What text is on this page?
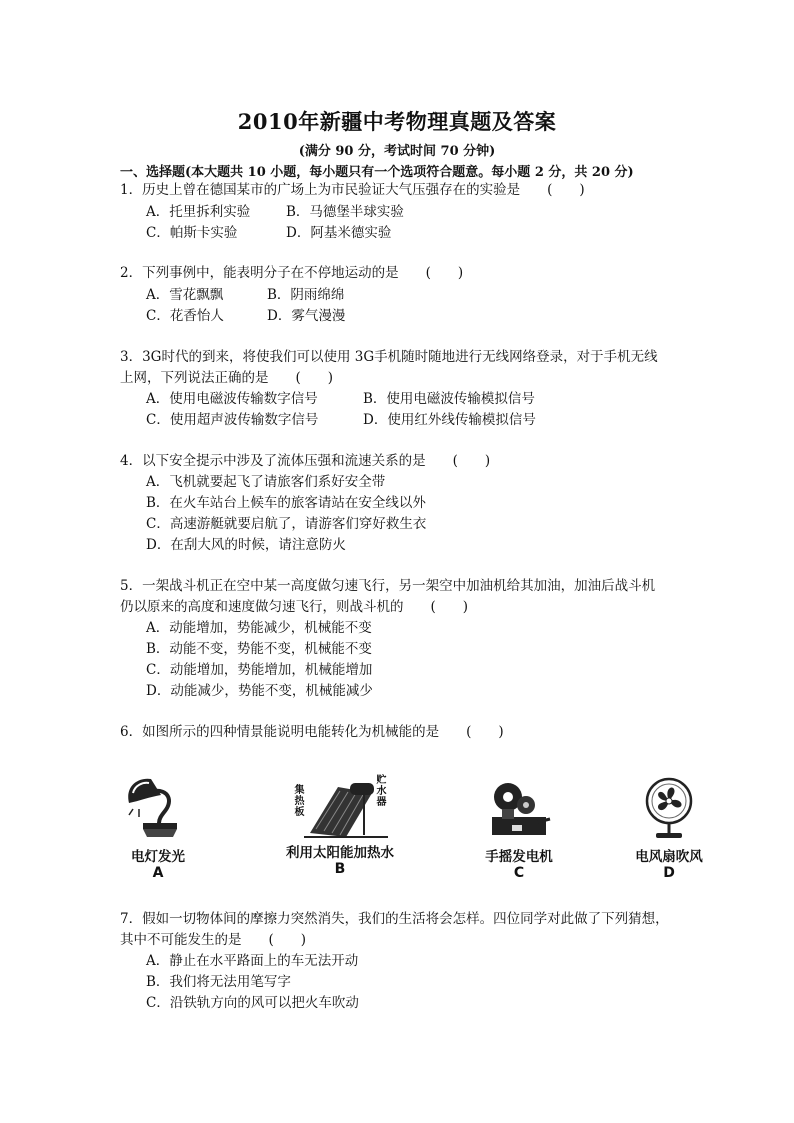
2010年新疆中考物理真题及答案
(满分 90 分，考试时间 70 分钟)
一、选择题(本大题共 10 小题，每小题只有一个选项符合题意。每小题 2 分，共 20 分)
1．历史上曾在德国某市的广场上为市民验证大气压强存在的实验是　　(　　)
A．托里拆利实验	B．马德堡半球实验
C．帕斯卡实验	D．阿基米德实验
2．下列事例中，能表明分子在不停地运动的是　　(　　)
A．雪花飘飘	B．阴雨绵绵
C．花香怡人	D．雾气漫漫
3．3G时代的到来，将使我们可以使用 3G手机随时随地进行无线网络登录，对于手机无线
上网，下列说法正确的是　　(　　)
A．使用电磁波传输数字信号	B．使用电磁波传输模拟信号
C．使用超声波传输数字信号	D．使用红外线传输模拟信号
4．以下安全提示中涉及了流体压强和流速关系的是　　(　　)
A．飞机就要起飞了请旅客们系好安全带
B．在火车站台上候车的旅客请站在安全线以外
C．高速游艇就要启航了，请游客们穿好救生衣
D．在刮大风的时候，请注意防火
5．一架战斗机正在空中某一高度做匀速飞行，另一架空中加油机给其加油，加油后战斗机
仍以原来的高度和速度做匀速飞行，则战斗机的　　(　　)
A．动能增加，势能减少，机械能不变
B．动能不变，势能不变，机械能不变
C．动能增加，势能增加，机械能增加
D．动能减少，势能不变，机械能减少
6．如图所示的四种情景能说明电能转化为机械能的是　　(　　)
电灯发光
A
集热板
贮水器
利用太阳能加热水
B
手摇发电机
C
电风扇吹风
D
7．假如一切物体间的摩擦力突然消失，我们的生活将会怎样。四位同学对此做了下列猜想，
其中不可能发生的是　　(　　)
A．静止在水平路面上的车无法开动
B．我们将无法用笔写字
C．沿铁轨方向的风可以把火车吹动
